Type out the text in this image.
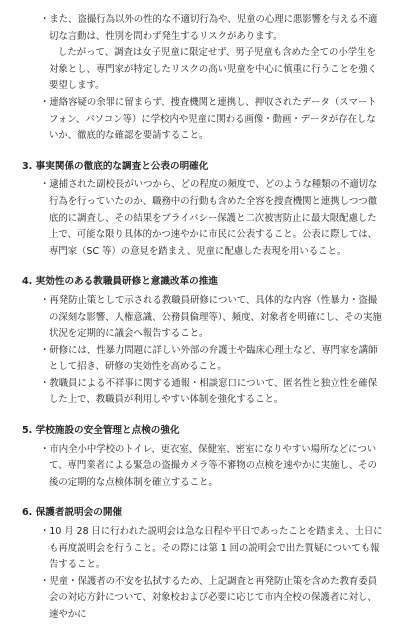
・また、盗撮行為以外の性的な不適切行為や、児童の心理に悪影響を与える不適切な言動は、性別を問わず発生するリスクがあります。

したがって、調査は女子児童に限定せず、男子児童も含めた全ての小学生を対象とし、専門家が特定したリスクの高い児童を中心に慎重に行うことを強く要望します。

・連絡容疑の余罪に留まらず、捜査機関と連携し、押収されたデータ（スマートフォン、パソコン等）に学校内や児童に関わる画像・動画・データが存在しないか、徹底的な確認を要請すること。

3. 事実関係の徹底的な調査と公表の明確化

・逮捕された副校長がいつから、どの程度の頻度で、どのような種類の不適切な行為を行っていたのか、職務中の行動も含めた全容を捜査機関と連携しつつ徹底的に調査し、その結果をプライバシー保護と二次被害防止に最大限配慮した上で、可能な限り具体的かつ速やかに市民に公表すること。公表に際しては、専門家（SC 等）の意見を踏まえ、児童に配慮した表現を用いること。

4. 実効性のある教職員研修と意識改革の推進

・再発防止策として示される教職員研修について、具体的な内容（性暴力・盗撮の深刻な影響、人権意識、公務員倫理等）、頻度、対象者を明確にし、その実施状況を定期的に議会へ報告すること。

・研修には、性暴力問題に詳しい外部の弁護士や臨床心理士など、専門家を講師として招き、研修の実効性を高めること。

・教職員による不祥事に関する通報・相談窓口について、匿名性と独立性を確保した上で、教職員が利用しやすい体制を強化すること。

5. 学校施設の安全管理と点検の強化

・市内全小中学校のトイレ、更衣室、保健室、密室になりやすい場所などについて、専門業者による緊急の盗撮カメラ等不審物の点検を速やかに実施し、その後の定期的な点検体制を確立すること。

6. 保護者説明会の開催

・10 月 28 日に行われた説明会は急な日程や平日であったことを踏まえ、土日にも再度説明会を行うこと。その際には第 1 回の説明会で出た質疑についても報告すること。

・児童・保護者の不安を払拭するため、上記調査と再発防止策を含めた教育委員会の対応方針について、対象校および必要に応じて市内全校の保護者に対し、速やかに
